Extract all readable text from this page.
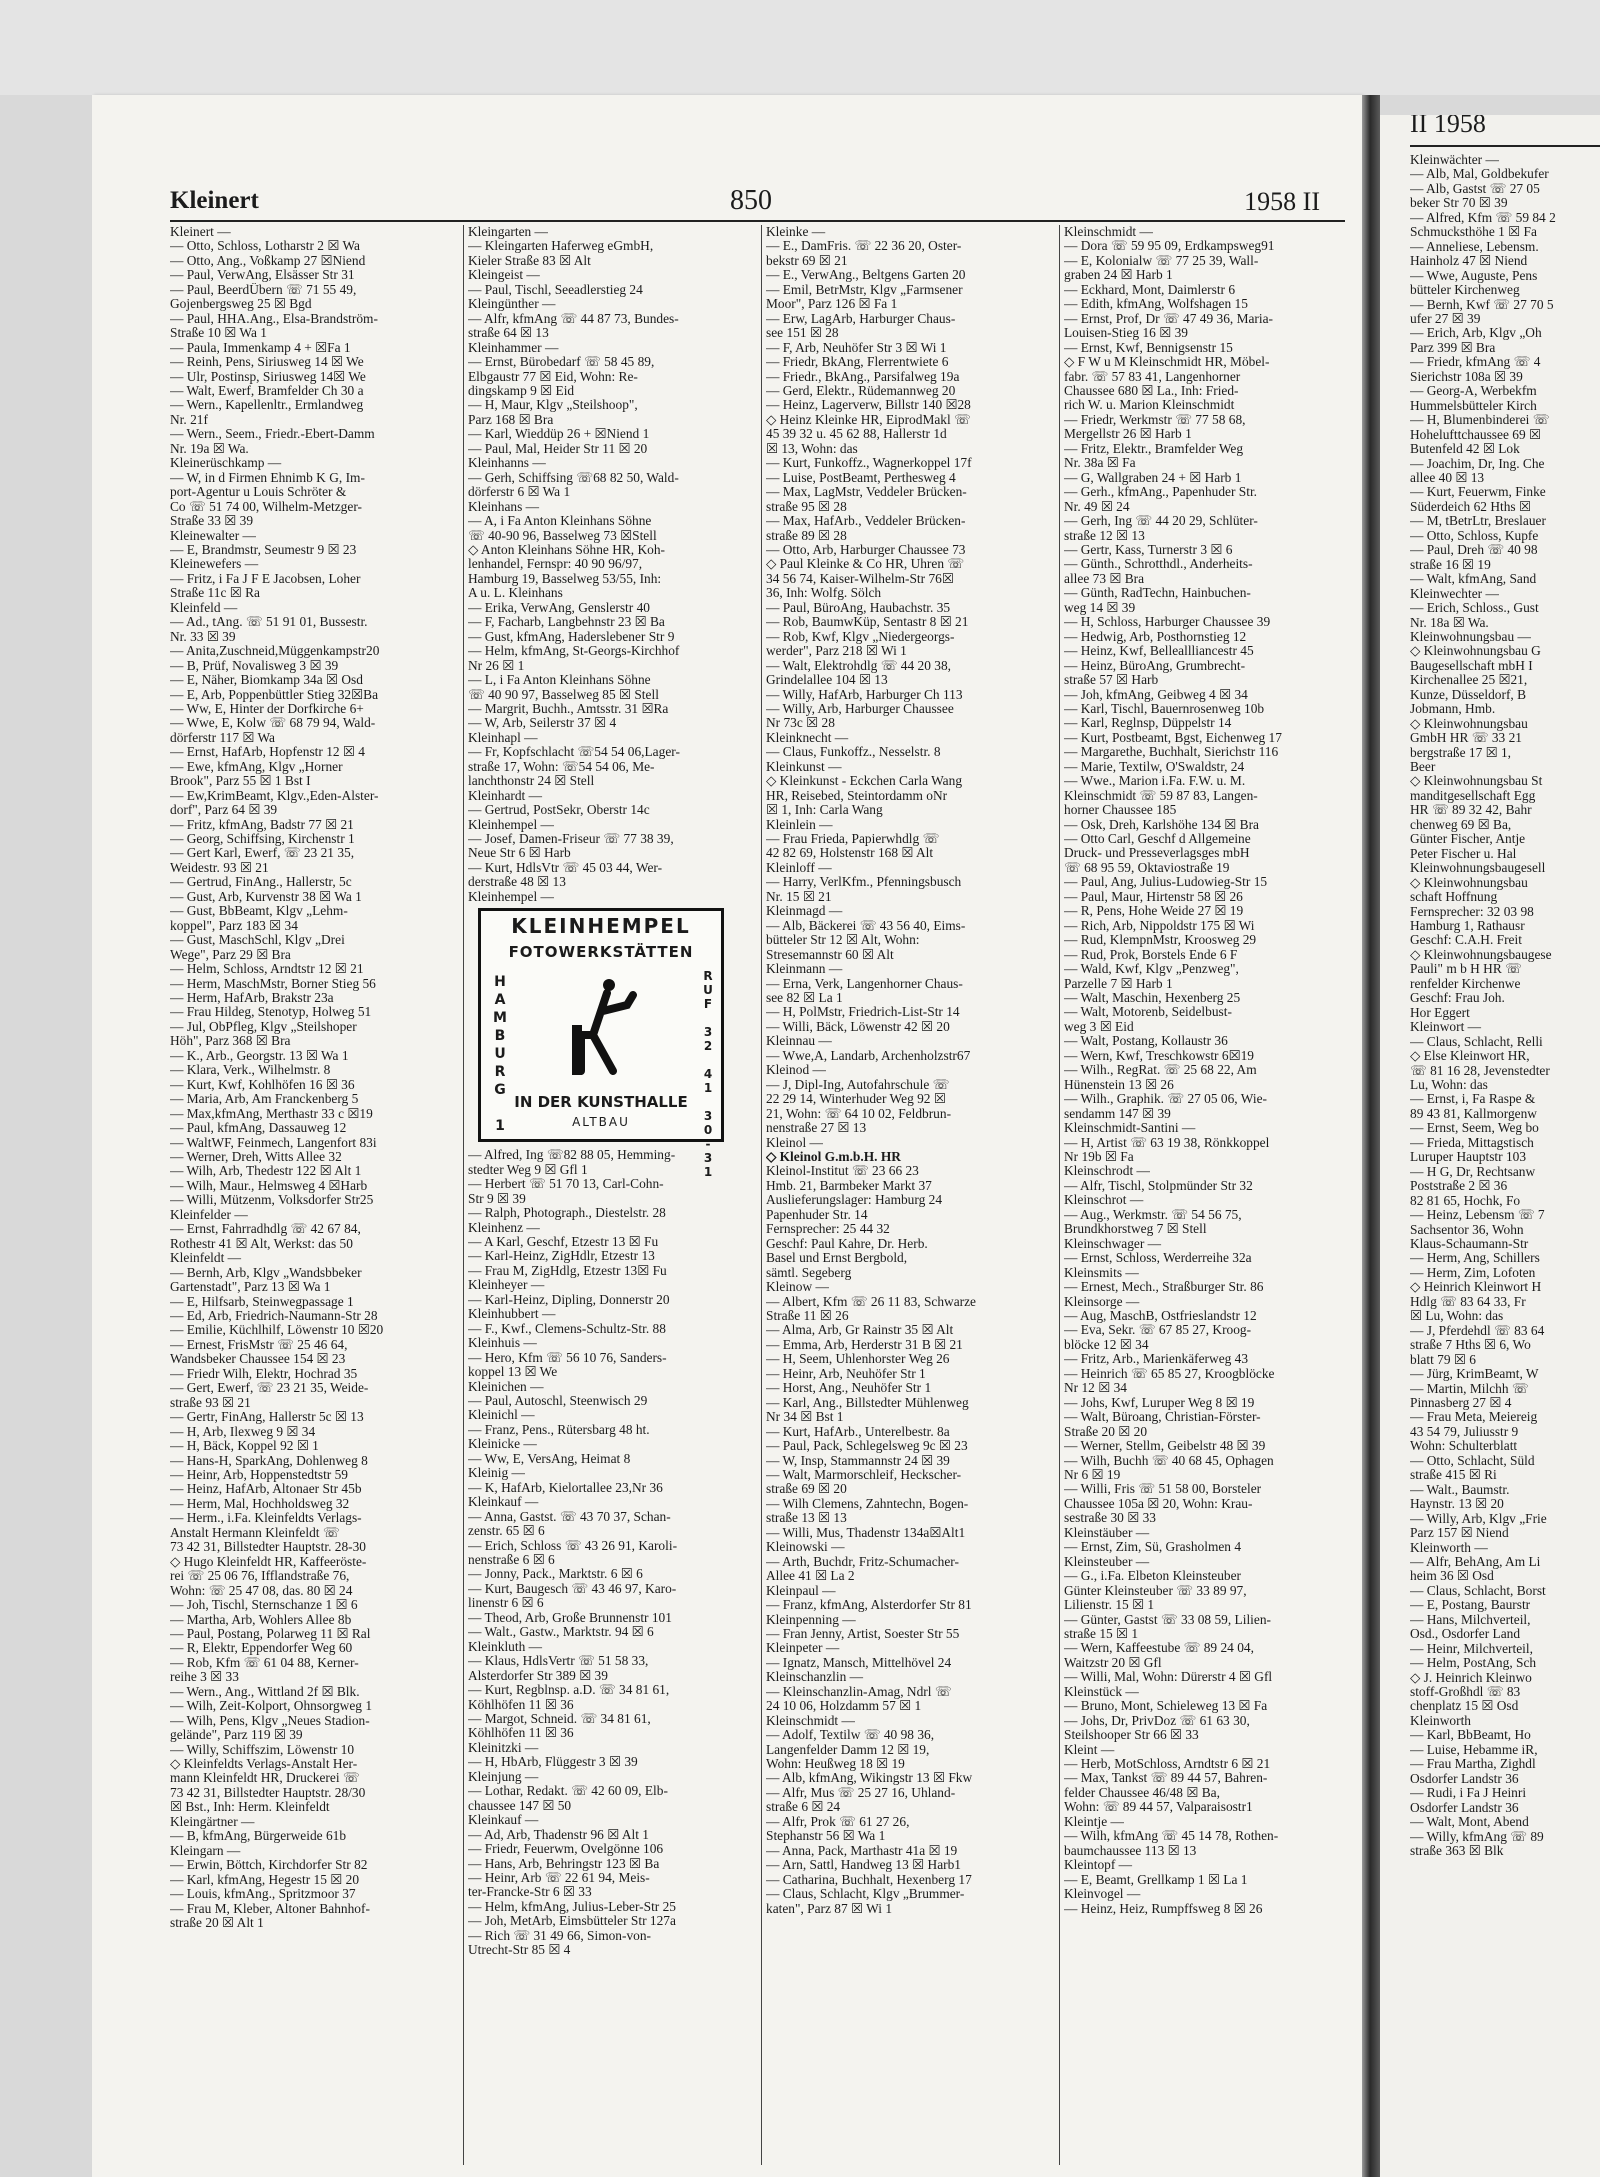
Kleinert	850	1958 II
Kleinert —
— Otto, Schloss, Lotharstr 2 ☒ Wa
— Otto, Ang., Voßkamp 27 ☒Niend
— Paul, VerwAng, Elsässer Str 31
— Paul, BeerdÜbern ☏ 71 55 49,
Gojenbergsweg 25 ☒ Bgd
— Paul, HHA.Ang., Elsa-Brandström-
Straße 10 ☒ Wa 1
— Paula, Immenkamp 4 + ☒Fa 1
— Reinh, Pens, Siriusweg 14 ☒ We
— Ulr, Postinsp, Siriusweg 14☒ We
— Walt, Ewerf, Bramfelder Ch 30 a
— Wern., Kapellenltr., Ermlandweg
Nr. 21f
— Wern., Seem., Friedr.-Ebert-Damm
Nr. 19a ☒ Wa.
Kleinerüschkamp —
— W, in d Firmen Ehnimb K G, Im-
port-Agentur u Louis Schröter &
Co ☏ 51 74 00, Wilhelm-Metzger-
Straße 33 ☒ 39
Kleinewalter —
— E, Brandmstr, Seumestr 9 ☒ 23
Kleinewefers —
— Fritz, i Fa J F E Jacobsen, Loher
Straße 11c ☒ Ra
Kleinfeld —
— Ad., tAng. ☏ 51 91 01, Bussestr.
Nr. 33 ☒ 39
— Anita,Zuschneid,Müggenkampstr20
— B, Prüf, Novalisweg 3 ☒ 39
— E, Näher, Biomkamp 34a ☒ Osd
— E, Arb, Poppenbüttler Stieg 32☒Ba
— Ww, E, Hinter der Dorfkirche 6+
— Wwe, E, Kolw ☏ 68 79 94, Wald-
dörferstr 117 ☒ Wa
— Ernst, HafArb, Hopfenstr 12 ☒ 4
— Ewe, kfmAng, Klgv „Horner
Brook", Parz 55 ☒ 1 Bst I
— Ew,KrimBeamt, Klgv.,Eden-Alster-
dorf", Parz 64 ☒ 39
— Fritz, kfmAng, Badstr 77 ☒ 21
— Georg, Schiffsing, Kirchenstr 1
— Gert Karl, Ewerf, ☏ 23 21 35,
Weidestr. 93 ☒ 21
— Gertrud, FinAng., Hallerstr, 5c
— Gust, Arb, Kurvenstr 38 ☒ Wa 1
— Gust, BbBeamt, Klgv „Lehm-
koppel", Parz 183 ☒ 34
— Gust, MaschSchl, Klgv „Drei
Wege", Parz 29 ☒ Bra
— Helm, Schloss, Arndtstr 12 ☒ 21
— Herm, MaschMstr, Borner Stieg 56
— Herm, HafArb, Brakstr 23a
— Frau Hildeg, Stenotyp, Holweg 51
— Jul, ObPfleg, Klgv „Steilshoper
Höh", Parz 368 ☒ Bra
— K., Arb., Georgstr. 13 ☒ Wa 1
— Klara, Verk., Wilhelmstr. 8
— Kurt, Kwf, Kohlhöfen 16 ☒ 36
— Maria, Arb, Am Franckenberg 5
— Max,kfmAng, Merthastr 33 c ☒19
— Paul, kfmAng, Dassauweg 12
— WaltWF, Feinmech, Langenfort 83i
— Werner, Dreh, Witts Allee 32
— Wilh, Arb, Thedestr 122 ☒ Alt 1
— Wilh, Maur., Helmsweg 4 ☒Harb
— Willi, Mützenm, Volksdorfer Str25
Kleinfelder —
— Ernst, Fahrradhdlg ☏ 42 67 84,
Rothestr 41 ☒ Alt, Werkst: das 50
Kleinfeldt —
— Bernh, Arb, Klgv „Wandsbbeker
Gartenstadt", Parz 13 ☒ Wa 1
— E, Hilfsarb, Steinwegpassage 1
— Ed, Arb, Friedrich-Naumann-Str 28
— Emilie, Küchlhilf, Löwenstr 10 ☒20
— Ernest, FrisMstr ☏ 25 46 64,
Wandsbeker Chaussee 154 ☒ 23
— Friedr Wilh, Elektr, Hochrad 35
— Gert, Ewerf, ☏ 23 21 35, Weide-
straße 93 ☒ 21
— Gertr, FinAng, Hallerstr 5c ☒ 13
— H, Arb, Ilexweg 9 ☒ 34
— H, Bäck, Koppel 92 ☒ 1
— Hans-H, SparkAng, Dohlenweg 8
— Heinr, Arb, Hoppenstedtstr 59
— Heinz, HafArb, Altonaer Str 45b
— Herm, Mal, Hochholdsweg 32
— Herm., i.Fa. Kleinfeldts Verlags-
Anstalt Hermann Kleinfeldt ☏
73 42 31, Billstedter Hauptstr. 28-30
◇ Hugo Kleinfeldt HR, Kaffeeröste-
rei ☏ 25 06 76, Ifflandstraße 76,
Wohn: ☏ 25 47 08, das. 80 ☒ 24
— Joh, Tischl, Sternschanze 1 ☒ 6
— Martha, Arb, Wohlers Allee 8b
— Paul, Postang, Polarweg 11 ☒ Ral
— R, Elektr, Eppendorfer Weg 60
— Rob, Kfm ☏ 61 04 88, Kerner-
reihe 3 ☒ 33
— Wern., Ang., Wittland 2f ☒ Blk.
— Wilh, Zeit-Kolport, Ohnsorgweg 1
— Wilh, Pens, Klgv „Neues Stadion-
gelände", Parz 119 ☒ 39
— Willy, Schiffszim, Löwenstr 10
◇ Kleinfeldts Verlags-Anstalt Her-
mann Kleinfeldt HR, Druckerei ☏
73 42 31, Billstedter Hauptstr. 28/30
☒ Bst., Inh: Herm. Kleinfeldt
Kleingärtner —
— B, kfmAng, Bürgerweide 61b
Kleingarn —
— Erwin, Böttch, Kirchdorfer Str 82
— Karl, kfmAng, Hegestr 15 ☒ 20
— Louis, kfmAng., Spritzmoor 37
— Frau M, Kleber, Altoner Bahnhof-
straße 20 ☒ Alt 1
Kleingarten —
— Kleingarten Haferweg eGmbH,
Kieler Straße 83 ☒ Alt
Kleingeist —
— Paul, Tischl, Seeadlerstieg 24
Kleingünther —
— Alfr, kfmAng ☏ 44 87 73, Bundes-
straße 64 ☒ 13
Kleinhammer —
— Ernst, Bürobedarf ☏ 58 45 89,
Elbgaustr 77 ☒ Eid, Wohn: Re-
dingskamp 9 ☒ Eid
— H, Maur, Klgv „Steilshoop",
Parz 168 ☒ Bra
— Karl, Wieddüp 26 + ☒Niend 1
— Paul, Mal, Heider Str 11 ☒ 20
Kleinhanns —
— Gerh, Schiffsing ☏68 82 50, Wald-
dörferstr 6 ☒ Wa 1
Kleinhans —
— A, i Fa Anton Kleinhans Söhne
☏ 40-90 96, Basselweg 73 ☒Stell
◇ Anton Kleinhans Söhne HR, Koh-
lenhandel, Fernspr: 40 90 96/97,
Hamburg 19, Basselweg 53/55, Inh:
A u. L. Kleinhans
— Erika, VerwAng, Genslerstr 40
— F, Facharb, Langbehnstr 23 ☒ Ba
— Gust, kfmAng, Haderslebener Str 9
— Helm, kfmAng, St-Georgs-Kirchhof
Nr 26 ☒ 1
— L, i Fa Anton Kleinhans Söhne
☏ 40 90 97, Basselweg 85 ☒ Stell
— Margrit, Buchh., Amtsstr. 31 ☒Ra
— W, Arb, Seilerstr 37 ☒ 4
Kleinhapl —
— Fr, Kopfschlacht ☏54 54 06,Lager-
straße 17, Wohn: ☏54 54 06, Me-
lanchthonstr 24 ☒ Stell
Kleinhardt —
— Gertrud, PostSekr, Oberstr 14c
Kleinhempel —
— Josef, Damen-Friseur ☏ 77 38 39,
Neue Str 6 ☒ Harb
— Kurt, HdlsVtr ☏ 45 03 44, Wer-
derstraße 48 ☒ 13
Kleinhempel —
KLEINHEMPEL
FOTOWERKSTÄTTEN
H
A
M
B
U
R
G

1
R
U
F

3
2

4
1

3
0
-
3
1
IN DER KUNSTHALLE
ALTBAU
— Alfred, Ing ☏82 88 05, Hemming-
stedter Weg 9 ☒ Gfl 1
— Herbert ☏ 51 70 13, Carl-Cohn-
Str 9 ☒ 39
— Ralph, Photograph., Diestelstr. 28
Kleinhenz —
— A Karl, Geschf, Etzestr 13 ☒ Fu
— Karl-Heinz, ZigHdlr, Etzestr 13
— Frau M, ZigHdlg, Etzestr 13☒ Fu
Kleinheyer —
— Karl-Heinz, Dipling, Donnerstr 20
Kleinhubbert —
— F., Kwf., Clemens-Schultz-Str. 88
Kleinhuis —
— Hero, Kfm ☏ 56 10 76, Sanders-
koppel 13 ☒ We
Kleinichen —
— Paul, Autoschl, Steenwisch 29
Kleinichl —
— Franz, Pens., Rütersbarg 48 ht.
Kleinicke —
— Ww, E, VersAng, Heimat 8
Kleinig —
— K, HafArb, Kielortallee 23,Nr 36
Kleinkauf —
— Anna, Gastst. ☏ 43 70 37, Schan-
zenstr. 65 ☒ 6
— Erich, Schloss ☏ 43 26 91, Karoli-
nenstraße 6 ☒ 6
— Jonny, Pack., Marktstr. 6 ☒ 6
— Kurt, Baugesch ☏ 43 46 97, Karo-
linenstr 6 ☒ 6
— Theod, Arb, Große Brunnenstr 101
— Walt., Gastw., Marktstr. 94 ☒ 6
Kleinkluth —
— Klaus, HdlsVertr ☏ 51 58 33,
Alsterdorfer Str 389 ☒ 39
— Kurt, Regblnsp. a.D. ☏ 34 81 61,
Köhlhöfen 11 ☒ 36
— Margot, Schneid. ☏ 34 81 61,
Köhlhöfen 11 ☒ 36
Kleinitzki —
— H, HbArb, Flüggestr 3 ☒ 39
Kleinjung —
— Lothar, Redakt. ☏ 42 60 09, Elb-
chaussee 147 ☒ 50
Kleinkauf —
— Ad, Arb, Thadenstr 96 ☒ Alt 1
— Friedr, Feuerwm, Ovelgönne 106
— Hans, Arb, Behringstr 123 ☒ Ba
— Heinr, Arb ☏ 22 61 94, Meis-
ter-Francke-Str 6 ☒ 33
— Helm, kfmAng, Julius-Leber-Str 25
— Joh, MetArb, Eimsbütteler Str 127a
— Rich ☏ 31 49 66, Simon-von-
Utrecht-Str 85 ☒ 4
Kleinke —
— E., DamFris. ☏ 22 36 20, Oster-
bekstr 69 ☒ 21
— E., VerwAng., Beltgens Garten 20
— Emil, BetrMstr, Klgv „Farmsener
Moor", Parz 126 ☒ Fa 1
— Erw, LagArb, Harburger Chaus-
see 151 ☒ 28
— F, Arb, Neuhöfer Str 3 ☒ Wi 1
— Friedr, BkAng, Flerrentwiete 6
— Friedr., BkAng., Parsifalweg 19a
— Gerd, Elektr., Rüdemannweg 20
— Heinz, Lagerverw, Billstr 140 ☒28
◇ Heinz Kleinke HR, EiprodMakl ☏
45 39 32 u. 45 62 88, Hallerstr 1d
☒ 13, Wohn: das
— Kurt, Funkoffz., Wagnerkoppel 17f
— Luise, PostBeamt, Perthesweg 4
— Max, LagMstr, Veddeler Brücken-
straße 95 ☒ 28
— Max, HafArb., Veddeler Brücken-
straße 89 ☒ 28
— Otto, Arb, Harburger Chaussee 73
◇ Paul Kleinke & Co HR, Uhren ☏
34 56 74, Kaiser-Wilhelm-Str 76☒
36, Inh: Wolfg. Sölch
— Paul, BüroAng, Haubachstr. 35
— Rob, BaumwKüp, Sentastr 8 ☒ 21
— Rob, Kwf, Klgv „Niedergeorgs-
werder", Parz 218 ☒ Wi 1
— Walt, Elektrohdlg ☏ 44 20 38,
Grindelallee 104 ☒ 13
— Willy, HafArb, Harburger Ch 113
— Willy, Arb, Harburger Chaussee
Nr 73c ☒ 28
Kleinknecht —
— Claus, Funkoffz., Nesselstr. 8
Kleinkunst —
◇ Kleinkunst - Eckchen Carla Wang
HR, Reisebed, Steintordamm oNr
☒ 1, Inh: Carla Wang
Kleinlein —
— Frau Frieda, Papierwhdlg ☏
42 82 69, Holstenstr 168 ☒ Alt
Kleinloff —
— Harry, VerlKfm., Pfenningsbusch
Nr. 15 ☒ 21
Kleinmagd —
— Alb, Bäckerei ☏ 43 56 40, Eims-
bütteler Str 12 ☒ Alt, Wohn:
Stresemannstr 60 ☒ Alt
Kleinmann —
— Erna, Verk, Langenhorner Chaus-
see 82 ☒ La 1
— H, PolMstr, Friedrich-List-Str 14
— Willi, Bäck, Löwenstr 42 ☒ 20
Kleinnau —
— Wwe,A, Landarb, Archenholzstr67
Kleinod —
— J, Dipl-Ing, Autofahrschule ☏
22 29 14, Winterhuder Weg 92 ☒
21, Wohn: ☏ 64 10 02, Feldbrun-
nenstraße 27 ☒ 13
Kleinol —
◇ Kleinol G.m.b.H. HR
Kleinol-Institut ☏ 23 66 23
Hmb. 21, Barmbeker Markt 37
Auslieferungslager: Hamburg 24
Papenhuder Str. 14
Fernsprecher: 25 44 32
Geschf: Paul Kahre, Dr. Herb.
Basel und Ernst Bergbold,
sämtl. Segeberg
Kleinow —
— Albert, Kfm ☏ 26 11 83, Schwarze
Straße 11 ☒ 26
— Alma, Arb, Gr Rainstr 35 ☒ Alt
— Emma, Arb, Herderstr 31 B ☒ 21
— H, Seem, Uhlenhorster Weg 26
— Heinr, Arb, Neuhöfer Str 1
— Horst, Ang., Neuhöfer Str 1
— Karl, Ang., Billstedter Mühlenweg
Nr 34 ☒ Bst 1
— Kurt, HafArb., Unterelbestr. 8a
— Paul, Pack, Schlegelsweg 9c ☒ 23
— W, Insp, Stammannstr 24 ☒ 39
— Walt, Marmorschleif, Heckscher-
straße 69 ☒ 20
— Wilh Clemens, Zahntechn, Bogen-
straße 13 ☒ 13
— Willi, Mus, Thadenstr 134a☒Alt1
Kleinowski —
— Arth, Buchdr, Fritz-Schumacher-
Allee 41 ☒ La 2
Kleinpaul —
— Franz, kfmAng, Alsterdorfer Str 81
Kleinpenning —
— Fran Jenny, Artist, Soester Str 55
Kleinpeter —
— Ignatz, Mansch, Mittelhövel 24
Kleinschanzlin —
— Kleinschanzlin-Amag, Ndrl ☏
24 10 06, Holzdamm 57 ☒ 1
Kleinschmidt —
— Adolf, Textilw ☏ 40 98 36,
Langenfelder Damm 12 ☒ 19,
Wohn: Heußweg 18 ☒ 19
— Alb, kfmAng, Wikingstr 13 ☒ Fkw
— Alfr, Mus ☏ 25 27 16, Uhland-
straße 6 ☒ 24
— Alfr, Prok ☏ 61 27 26,
Stephanstr 56 ☒ Wa 1
— Anna, Pack, Marthastr 41a ☒ 19
— Arn, Sattl, Handweg 13 ☒ Harb1
— Catharina, Buchhalt, Hexenberg 17
— Claus, Schlacht, Klgv „Brummer-
katen", Parz 87 ☒ Wi 1
Kleinschmidt —
— Dora ☏ 59 95 09, Erdkampsweg91
— E, Kolonialw ☏ 77 25 39, Wall-
graben 24 ☒ Harb 1
— Eckhard, Mont, Daimlerstr 6
— Edith, kfmAng, Wolfshagen 15
— Ernst, Prof, Dr ☏ 47 49 36, Maria-
Louisen-Stieg 16 ☒ 39
— Ernst, Kwf, Bennigsenstr 15
◇ F W u M Kleinschmidt HR, Möbel-
fabr. ☏ 57 83 41, Langenhorner
Chaussee 680 ☒ La., Inh: Fried-
rich W. u. Marion Kleinschmidt
— Friedr, Werkmstr ☏ 77 58 68,
Mergellstr 26 ☒ Harb 1
— Fritz, Elektr., Bramfelder Weg
Nr. 38a ☒ Fa
— G, Wallgraben 24 + ☒ Harb 1
— Gerh., kfmAng., Papenhuder Str.
Nr. 49 ☒ 24
— Gerh, Ing ☏ 44 20 29, Schlüter-
straße 12 ☒ 13
— Gertr, Kass, Turnerstr 3 ☒ 6
— Günth., Schrotthdl., Anderheits-
allee 73 ☒ Bra
— Günth, RadTechn, Hainbuchen-
weg 14 ☒ 39
— H, Schloss, Harburger Chaussee 39
— Hedwig, Arb, Posthornstieg 12
— Heinz, Kwf, Belleallliancestr 45
— Heinz, BüroAng, Grumbrecht-
straße 57 ☒ Harb
— Joh, kfmAng, Geibweg 4 ☒ 34
— Karl, Tischl, Bauernrosenweg 10b
— Karl, Reglnsp, Düppelstr 14
— Kurt, Postbeamt, Bgst, Eichenweg 17
— Margarethe, Buchhalt, Sierichstr 116
— Marie, Textilw, O'Swaldstr, 24
— Wwe., Marion i.Fa. F.W. u. M.
Kleinschmidt ☏ 59 87 83, Langen-
horner Chaussee 185
— Osk, Dreh, Karlshöhe 134 ☒ Bra
— Otto Carl, Geschf d Allgemeine
Druck- und Presseverlagsges mbH
☏ 68 95 59, Oktaviostraße 19
— Paul, Ang, Julius-Ludowieg-Str 15
— Paul, Maur, Hirtenstr 58 ☒ 26
— R, Pens, Hohe Weide 27 ☒ 19
— Rich, Arb, Nippoldstr 175 ☒ Wi
— Rud, KlempnMstr, Kroosweg 29
— Rud, Prok, Borstels Ende 6 F
— Wald, Kwf, Klgv „Penzweg",
Parzelle 7 ☒ Harb 1
— Walt, Maschin, Hexenberg 25
— Walt, Motorenb, Seidelbust-
weg 3 ☒ Eid
— Walt, Postang, Kollaustr 36
— Wern, Kwf, Treschkowstr 6☒19
— Wilh., RegRat. ☏ 25 68 22, Am
Hünenstein 13 ☒ 26
— Wilh., Graphik. ☏ 27 05 06, Wie-
sendamm 147 ☒ 39
Kleinschmidt-Santini —
— H, Artist ☏ 63 19 38, Rönkkoppel
Nr 19b ☒ Fa
Kleinschrodt —
— Alfr, Tischl, Stolpmünder Str 32
Kleinschrot —
— Aug., Werkmstr. ☏ 54 56 75,
Brundkhorstweg 7 ☒ Stell
Kleinschwager —
— Ernst, Schloss, Werderreihe 32a
Kleinsmits —
— Ernest, Mech., Straßburger Str. 86
Kleinsorge —
— Aug, MaschB, Ostfrieslandstr 12
— Eva, Sekr. ☏ 67 85 27, Kroog-
blöcke 12 ☒ 34
— Fritz, Arb., Marienkäferweg 43
— Heinrich ☏ 65 85 27, Kroogblöcke
Nr 12 ☒ 34
— Johs, Kwf, Luruper Weg 8 ☒ 19
— Walt, Büroang, Christian-Förster-
Straße 20 ☒ 20
— Werner, Stellm, Geibelstr 48 ☒ 39
— Wilh, Buchh ☏ 40 68 45, Ophagen
Nr 6 ☒ 19
— Willi, Fris ☏ 51 58 00, Borsteler
Chaussee 105a ☒ 20, Wohn: Krau-
sestraße 30 ☒ 33
Kleinstäuber —
— Ernst, Zim, Sü, Grasholmen 4
Kleinsteuber —
— G., i.Fa. Elbeton Kleinsteuber
Günter Kleinsteuber ☏ 33 89 97,
Lilienstr. 15 ☒ 1
— Günter, Gastst ☏ 33 08 59, Lilien-
straße 15 ☒ 1
— Wern, Kaffeestube ☏ 89 24 04,
Waitzstr 20 ☒ Gfl
— Willi, Mal, Wohn: Dürerstr 4 ☒ Gfl
Kleinstück —
— Bruno, Mont, Schieleweg 13 ☒ Fa
— Johs, Dr, PrivDoz ☏ 61 63 30,
Steilshooper Str 66 ☒ 33
Kleint —
— Herb, MotSchloss, Arndtstr 6 ☒ 21
— Max, Tankst ☏ 89 44 57, Bahren-
felder Chaussee 46/48 ☒ Ba,
Wohn: ☏ 89 44 57, Valparaisostr1
Kleintje —
— Wilh, kfmAng ☏ 45 14 78, Rothen-
baumchaussee 113 ☒ 13
Kleintopf —
— E, Beamt, Grellkamp 1 ☒ La 1
Kleinvogel —
— Heinz, Heiz, Rumpffsweg 8 ☒ 26
II 1958
Kleinwächter —
— Alb, Mal, Goldbekufer
— Alb, Gastst ☏ 27 05
beker Str 70 ☒ 39
— Alfred, Kfm ☏ 59 84 2
Schmucksthöhe 1 ☒ Fa
— Anneliese, Lebensm.
Hainholz 47 ☒ Niend
— Wwe, Auguste, Pens
bütteler Kirchenweg
— Bernh, Kwf ☏ 27 70 5
ufer 27 ☒ 39
— Erich, Arb, Klgv „Oh
Parz 399 ☒ Bra
— Friedr, kfmAng ☏ 4
Sierichstr 108a ☒ 39
— Georg-A, Werbekfm
Hummelsbütteler Kirch
— H, Blumenbinderei ☏
Hohelufttchaussee 69 ☒
Butenfeld 42 ☒ Lok
— Joachim, Dr, Ing. Che
allee 40 ☒ 13
— Kurt, Feuerwm, Finke
Süderdeich 62 Hths ☒
— M, tBetrLtr, Breslauer
— Otto, Schloss, Kupfe
— Paul, Dreh ☏ 40 98
straße 16 ☒ 19
— Walt, kfmAng, Sand
Kleinwechter —
— Erich, Schloss., Gust
Nr. 18a ☒ Wa.
Kleinwohnungsbau —
◇ Kleinwohnungsbau G
Baugesellschaft mbH I
Kirchenallee 25 ☒21,
Kunze, Düsseldorf, B
Jobmann, Hmb.
◇ Kleinwohnungsbau
GmbH HR ☏ 33 21
bergstraße 17 ☒ 1,
Beer
◇ Kleinwohnungsbau St
manditgesellschaft Egg
HR ☏ 89 32 42, Bahr
chenweg 69 ☒ Ba,
Günter Fischer, Antje
Peter Fischer u. Hal
Kleinwohnungsbaugesell
◇ Kleinwohnungsbau
schaft Hoffnung
Fernsprecher: 32 03 98
Hamburg 1, Rathausr
Geschf: C.A.H. Freit
◇ Kleinwohnungsbaugese
Pauli" m b H HR ☏
renfelder Kirchenwe
Geschf: Frau Joh.
Hor Eggert
Kleinwort —
— Claus, Schlacht, Relli
◇ Else Kleinwort HR,
☏ 81 16 28, Jevenstedter
Lu, Wohn: das
— Ernst, i, Fa Raspe &
89 43 81, Kallmorgenw
— Ernst, Seem, Weg bo
— Frieda, Mittagstisch
Luruper Hauptstr 103
— H G, Dr, Rechtsanw
Poststraße 2 ☒ 36
82 81 65, Hochk, Fo
— Heinz, Lebensm ☏ 7
Sachsentor 36, Wohn
Klaus-Schaumann-Str
— Herm, Ang, Schillers
— Herm, Zim, Lofoten
◇ Heinrich Kleinwort H
Hdlg ☏ 83 64 33, Fr
☒ Lu, Wohn: das
— J, Pferdehdl ☏ 83 64
straße 7 Hths ☒ 6, Wo
blatt 79 ☒ 6
— Jürg, KrimBeamt, W
— Martin, Milchh ☏
Pinnasberg 27 ☒ 4
— Frau Meta, Meiereig
43 54 79, Juliusstr 9
Wohn: Schulterblatt
— Otto, Schlacht, Süld
straße 415 ☒ Ri
— Walt., Baumstr.
Haynstr. 13 ☒ 20
— Willy, Arb, Klgv „Frie
Parz 157 ☒ Niend
Kleinworth —
— Alfr, BehAng, Am Li
heim 36 ☒ Osd
— Claus, Schlacht, Borst
— E, Postang, Baurstr
— Hans, Milchverteil,
Osd., Osdorfer Land
— Heinr, Milchverteil,
— Helm, PostAng, Sch
◇ J. Heinrich Kleinwo
stoff-Großhdl ☏ 83
chenplatz 15 ☒ Osd
Kleinworth
— Karl, BbBeamt, Ho
— Luise, Hebamme iR,
— Frau Martha, Zighdl
Osdorfer Landstr 36
— Rudi, i Fa J Heinri
Osdorfer Landstr 36
— Walt, Mont, Abend
— Willy, kfmAng ☏ 89
straße 363 ☒ Blk
